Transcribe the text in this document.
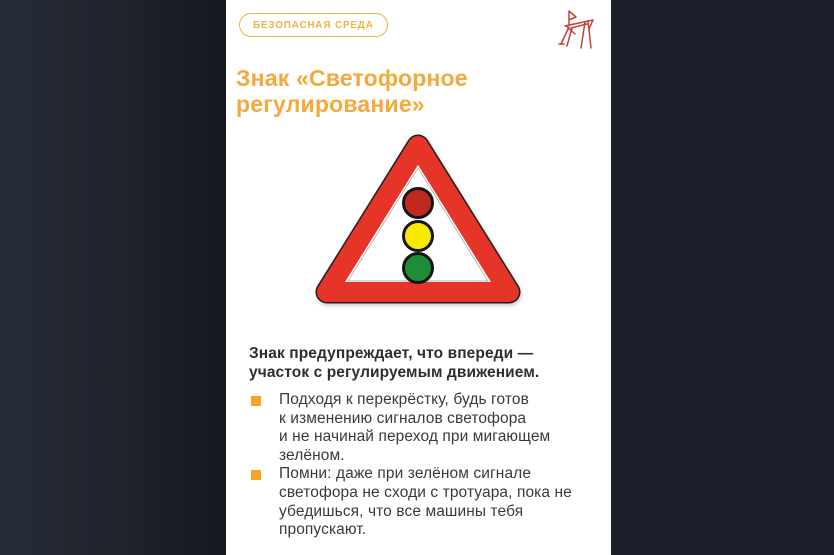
БЕЗОПАСНАЯ СРЕДА
Знак «Светофорное
регулирование»
Знак предупреждает, что впереди —
участок с регулируемым движением.
Подходя к перекрёстку, будь готов
к изменению сигналов светофора
и не начинай переход при мигающем
зелёном.
Помни: даже при зелёном сигнале
светофора не сходи с тротуара, пока не
убедишься, что все машины тебя
пропускают.
